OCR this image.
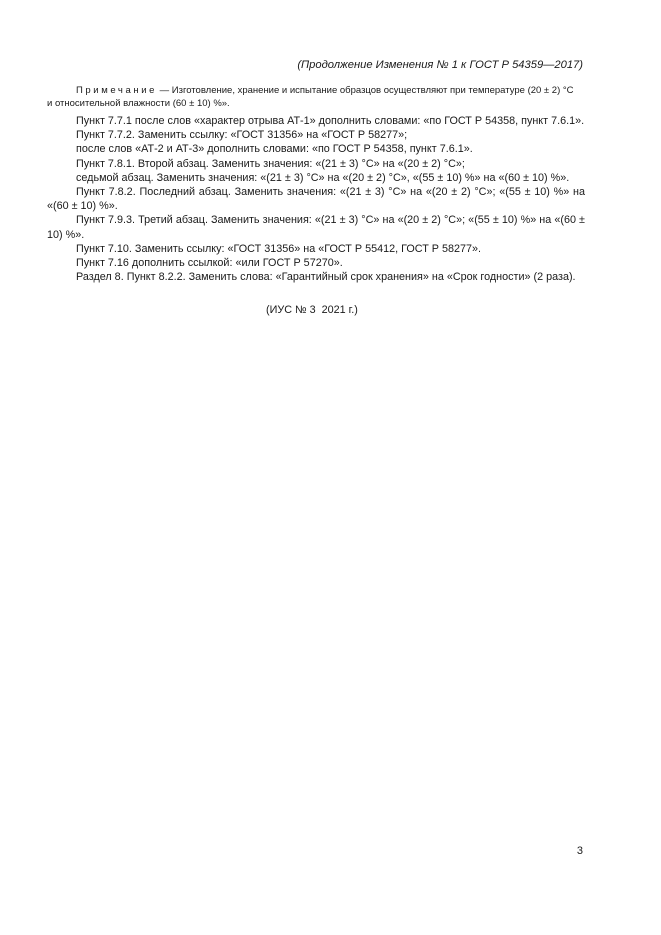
(Продолжение Изменения № 1 к ГОСТ Р 54359—2017)
Примечание — Изготовление, хранение и испытание образцов осуществляют при температуре (20 ± 2) °С
и относительной влажности (60 ± 10) %».

Пункт 7.7.1 после слов «характер отрыва АТ-1» дополнить словами: «по ГОСТ Р 54358, пункт 7.6.1».

Пункт 7.7.2. Заменить ссылку: «ГОСТ 31356» на «ГОСТ Р 58277»;

после слов «АТ-2 и АТ-3» дополнить словами: «по ГОСТ Р 54358, пункт 7.6.1».

Пункт 7.8.1. Второй абзац. Заменить значения: «(21 ± 3) °С» на «(20 ± 2) °С»;

седьмой абзац. Заменить значения: «(21 ± 3) °С» на «(20 ± 2) °С», «(55 ± 10) %» на «(60 ± 10) %».

Пункт 7.8.2. Последний абзац. Заменить значения: «(21 ± 3) °С» на «(20 ± 2) °С»; «(55 ± 10) %» на «(60 ± 10) %».

Пункт 7.9.3. Третий абзац. Заменить значения: «(21 ± 3) °С» на «(20 ± 2) °С»; «(55 ± 10) %» на «(60 ± 10) %».

Пункт 7.10. Заменить ссылку: «ГОСТ 31356» на «ГОСТ Р 55412, ГОСТ Р 58277».

Пункт 7.16 дополнить ссылкой: «или ГОСТ Р 57270».

Раздел 8. Пункт 8.2.2. Заменить слова: «Гарантийный срок хранения» на «Срок годности» (2 раза).

(ИУС № 3  2021 г.)
3
